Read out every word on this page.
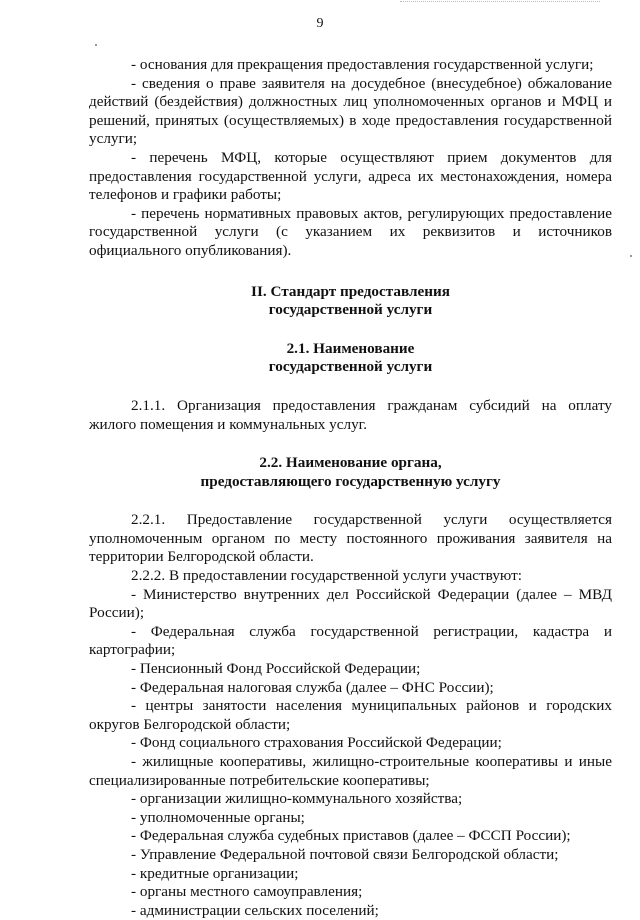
9

- основания для прекращения предоставления государственной услуги;

- сведения о праве заявителя на досудебное (внесудебное) обжалование действий (бездействия) должностных лиц уполномоченных органов и МФЦ и решений, принятых (осуществляемых) в ходе предоставления государственной услуги;

- перечень МФЦ, которые осуществляют прием документов для предоставления государственной услуги, адреса их местонахождения, номера телефонов и графики работы;

- перечень нормативных правовых актов, регулирующих предоставление государственной услуги (с указанием их реквизитов и источников официального опубликования).

II. Стандарт предоставления
государственной услуги
2.1. Наименование
государственной услуги

2.1.1. Организация предоставления гражданам субсидий на оплату жилого помещения и коммунальных услуг.

2.2. Наименование органа,
предоставляющего государственную услугу

2.2.1. Предоставление государственной услуги осуществляется уполномоченным органом по месту постоянного проживания заявителя на территории Белгородской области.

2.2.2. В предоставлении государственной услуги участвуют:

- Министерство внутренних дел Российской Федерации (далее – МВД России);

- Федеральная служба государственной регистрации, кадастра и картографии;

- Пенсионный Фонд Российской Федерации;

- Федеральная налоговая служба (далее – ФНС России);

- центры занятости населения муниципальных районов и городских округов Белгородской области;

- Фонд социального страхования Российской Федерации;

- жилищные кооперативы, жилищно-строительные кооперативы и иные специализированные потребительские кооперативы;

- организации жилищно-коммунального хозяйства;

- уполномоченные органы;

- Федеральная служба судебных приставов (далее – ФССП России);

- Управление Федеральной почтовой связи Белгородской области;

- кредитные организации;

- органы местного самоуправления;

- администрации сельских поселений;
